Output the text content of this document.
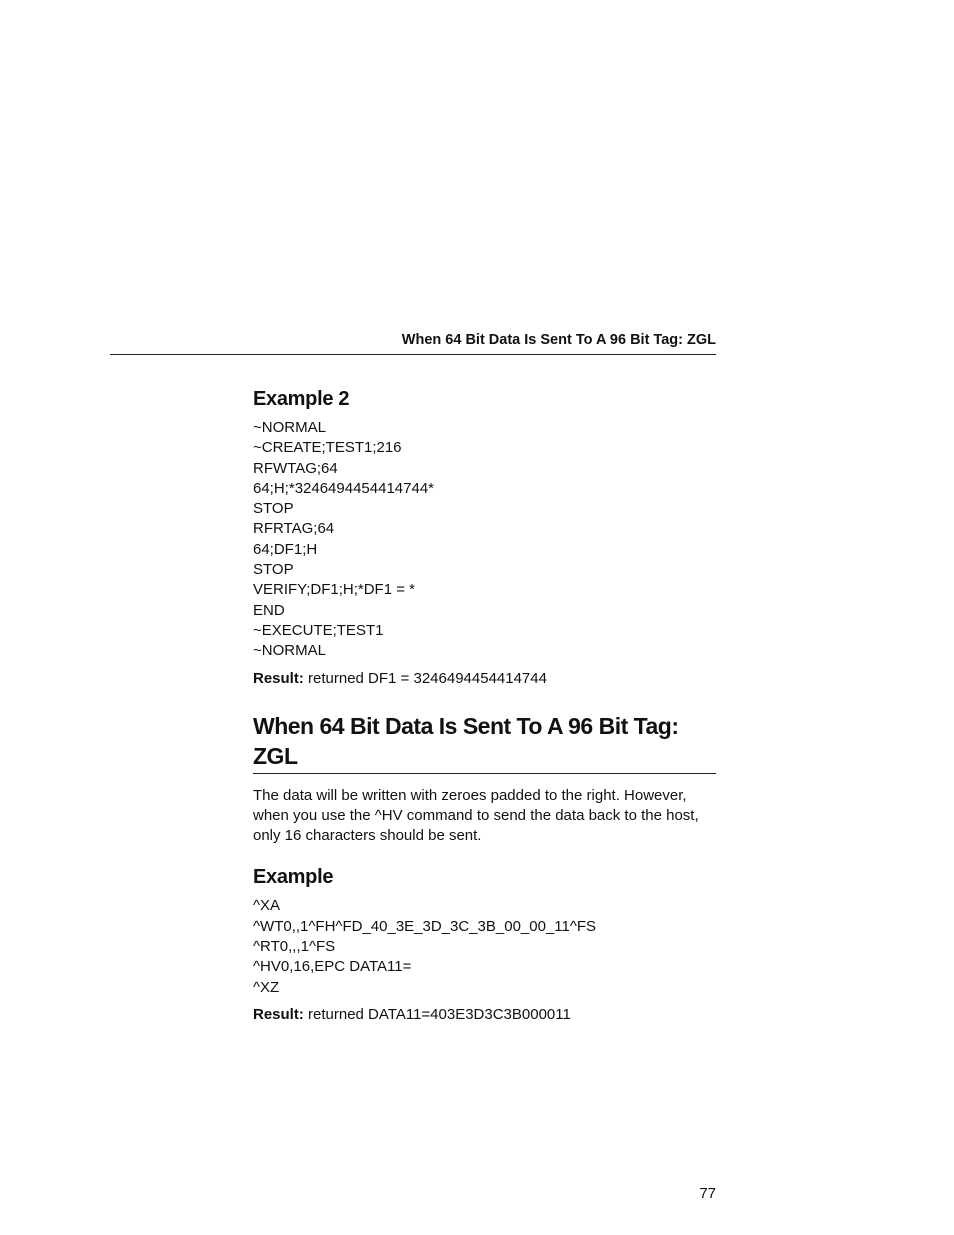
When 64 Bit Data Is Sent To A 96 Bit Tag: ZGL
Example 2
~NORMAL
~CREATE;TEST1;216
RFWTAG;64
64;H;*3246494454414744*
STOP
RFRTAG;64
64;DF1;H
STOP
VERIFY;DF1;H;*DF1 = *
END
~EXECUTE;TEST1
~NORMAL

Result: returned DF1 = 3246494454414744

When 64 Bit Data Is Sent To A 96 Bit Tag: ZGL

The data will be written with zeroes padded to the right. However, when you use the ^HV command to send the data back to the host, only 16 characters should be sent.

Example
^XA
^WT0,,1^FH^FD_40_3E_3D_3C_3B_00_00_11^FS
^RT0,,,1^FS
^HV0,16,EPC DATA11=
^XZ

Result: returned DATA11=403E3D3C3B000011

77
